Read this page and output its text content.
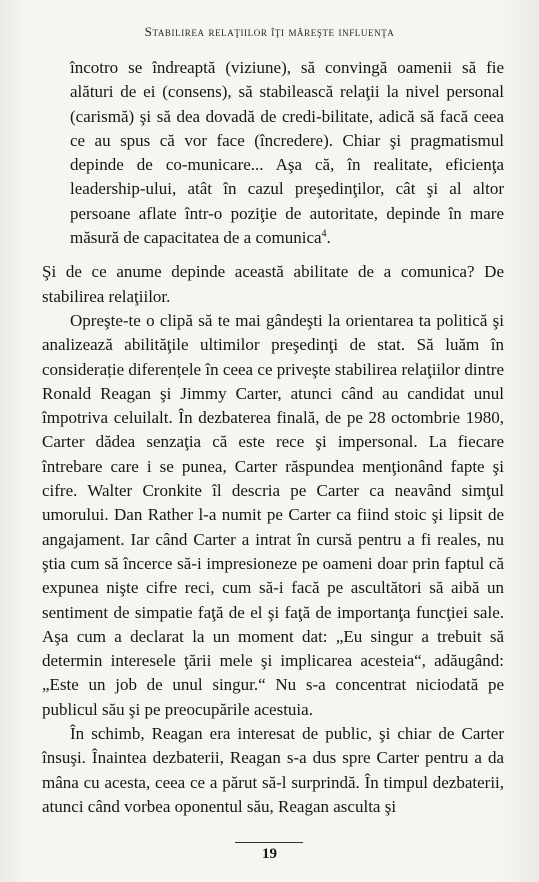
Stabilirea relaţiilor îţi măreşte influenţa

încotro se îndreaptă (viziune), să convingă oamenii să fie alături de ei (consens), să stabilească relaţii la nivel personal (carismă) şi să dea dovadă de credi-bilitate, adică să facă ceea ce au spus că vor face (încredere). Chiar şi pragmatismul depinde de co-municare... Aşa că, în realitate, eficienţa leadership-ului, atât în cazul preşedinţilor, cât şi al altor persoane aflate într-o poziţie de autoritate, depinde în mare măsură de capacitatea de a comunica$^4$.

Şi de ce anume depinde această abilitate de a comunica? De stabilirea relaţiilor.

Opreşte-te o clipă să te mai gândeşti la orientarea ta politică şi analizează abilităţile ultimilor preşedinţi de stat. Să luăm în considerație diferențele în ceea ce priveşte stabilirea relaţiilor dintre Ronald Reagan şi Jimmy Carter, atunci când au candidat unul împotriva celuilalt. În dezbaterea finală, de pe 28 octombrie 1980, Carter dădea senzaţia că este rece şi impersonal. La fiecare întrebare care i se punea, Carter răspundea menţionând fapte şi cifre. Walter Cronkite îl descria pe Carter ca neavând simţul umorului. Dan Rather l-a numit pe Carter ca fiind stoic şi lipsit de angajament. Iar când Carter a intrat în cursă pentru a fi reales, nu ştia cum să încerce să-i impresioneze pe oameni doar prin faptul că expunea nişte cifre reci, cum să-i facă pe ascultători să aibă un sentiment de simpatie faţă de el şi faţă de importanţa funcţiei sale. Aşa cum a declarat la un moment dat: „Eu singur a trebuit să determin interesele ţării mele şi implicarea acesteia“, adăugând: „Este un job de unul singur.“ Nu s-a concentrat niciodată pe publicul său şi pe preocupările acestuia.

În schimb, Reagan era interesat de public, şi chiar de Carter însuşi. Înaintea dezbaterii, Reagan s-a dus spre Carter pentru a da mâna cu acesta, ceea ce a părut să-l surprindă. În timpul dezbaterii, atunci când vorbea oponentul său, Reagan asculta şi

19
